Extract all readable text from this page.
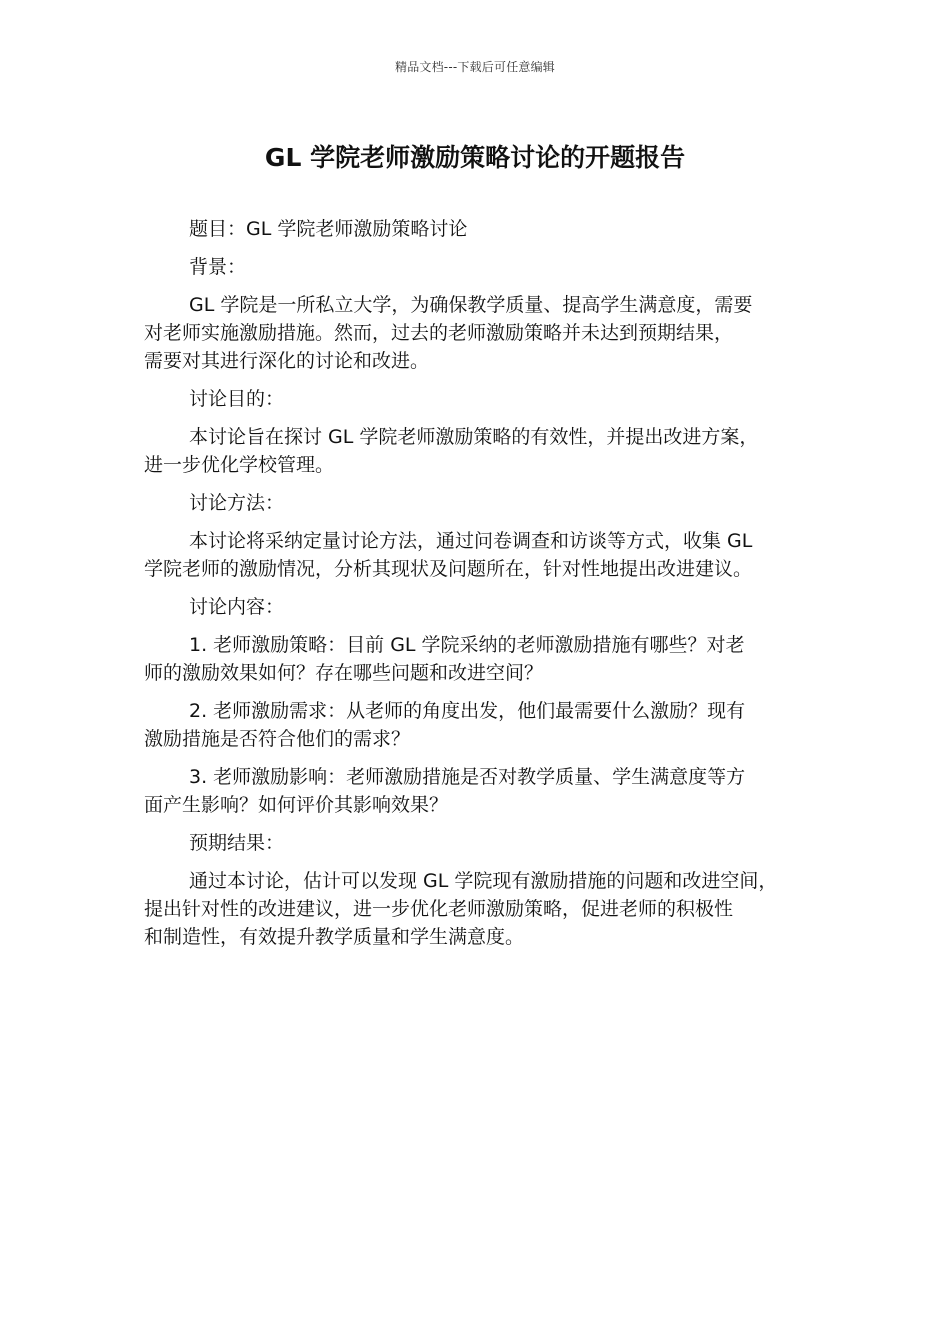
精品文档---下载后可任意编辑
GL 学院老师激励策略讨论的开题报告

题目：GL 学院老师激励策略讨论

背景：

GL 学院是一所私立大学，为确保教学质量、提高学生满意度，需要
对老师实施激励措施。然而，过去的老师激励策略并未达到预期结果，
需要对其进行深化的讨论和改进。

讨论目的：

本讨论旨在探讨 GL 学院老师激励策略的有效性，并提出改进方案，
进一步优化学校管理。

讨论方法：

本讨论将采纳定量讨论方法，通过问卷调查和访谈等方式，收集 GL
学院老师的激励情况，分析其现状及问题所在，针对性地提出改进建议。

讨论内容：

1. 老师激励策略：目前 GL 学院采纳的老师激励措施有哪些？对老
师的激励效果如何？存在哪些问题和改进空间？

2. 老师激励需求：从老师的角度出发，他们最需要什么激励？现有
激励措施是否符合他们的需求？

3. 老师激励影响：老师激励措施是否对教学质量、学生满意度等方
面产生影响？如何评价其影响效果？

预期结果：

通过本讨论，估计可以发现 GL 学院现有激励措施的问题和改进空间，
提出针对性的改进建议，进一步优化老师激励策略，促进老师的积极性
和制造性，有效提升教学质量和学生满意度。
